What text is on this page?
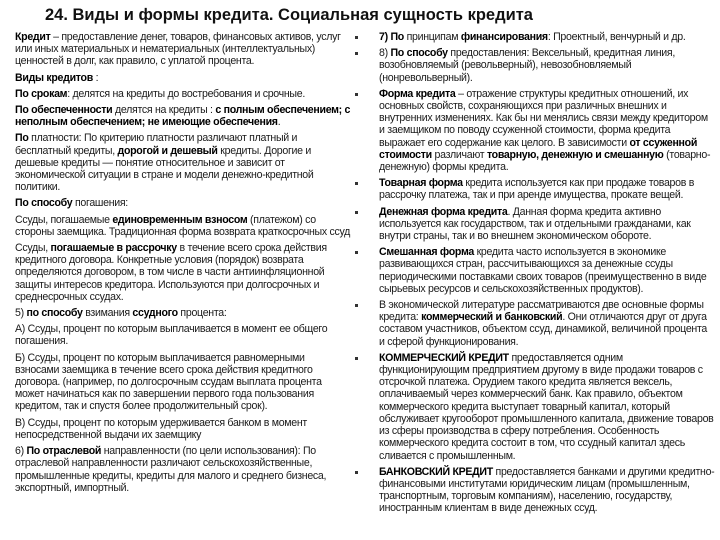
24. Виды и формы кредита. Социальная сущность кредита
Кредит – предоставление денег, товаров, финансовых активов, услуг или иных материальных и нематериальных (интеллектуальных) ценностей в долг, как правило, с уплатой процента.
Виды кредитов :
По срокам: делятся на кредиты до востребования и срочные.
По обеспеченности делятся на кредиты : с полным обеспечением; с неполным обеспечением; не имеющие обеспечения.
По платности: По критерию платности различают платный и бесплатный кредиты, дорогой и дешевый кредиты. Дорогие и дешевые кредиты — понятие относительное и зависит от экономической ситуации в стране и модели денежно-кредитной политики.
По способу погашения:
Ссуды, погашаемые единовременным взносом (платежом) со стороны заемщика. Традиционная форма возврата краткосрочных ссуд
Ссуды, погашаемые в рассрочку в течение всего срока действия кредитного договора. Конкретные условия (порядок) возврата определяются договором, в том числе в части антиинфляционной защиты интересов кредитора. Используются при долгосрочных и среднесрочных ссудах.
5) по способу взимания ссудного процента:
А) Ссуды, процент по которым выплачивается в момент ее общего погашения.
Б) Ссуды, процент по которым выплачивается равномерными взносами заемщика в течение всего срока действия кредитного договора. (например, по долгосрочным ссудам выплата процента может начинаться как по завершении первого года пользования кредитом, так и спустя более продолжительный срок).
В) Ссуды, процент по которым удерживается банком в момент непосредственной выдачи их заемщику
6) По отраслевой направленности (по цели использования): По отраслевой направленности различают сельскохозяйственные, промышленные кредиты, кредиты для малого и среднего бизнеса, экспортный, импортный.
7) По принципам финансирования: Проектный, венчурный и др.
8) По способу предоставления: Вексельный, кредитная линия, возобновляемый (револьверный), невозобновляемый (нонревольверный).
Форма кредита – отражение структуры кредитных отношений, их основных свойств, сохраняющихся при различных внешних и внутренних изменениях. Как бы ни менялись связи между кредитором и заемщиком по поводу ссуженной стоимости, форма кредита выражает его содержание как целого. В зависимости от ссуженной стоимости различают товарную, денежную и смешанную (товарно-денежную) формы кредита.
Товарная форма кредита используется как при продаже товаров в рассрочку платежа, так и при аренде имущества, прокате вещей.
Денежная форма кредита. Данная форма кредита активно используется как государством, так и отдельными гражданами, как внутри страны, так и во внешнем экономическом обороте.
Смешанная форма кредита часто используется в экономике развивающихся стран, рассчитывающихся за денежные ссуды периодическими поставками своих товаров (преимущественно в виде сырьевых ресурсов и сельскохозяйственных продуктов).
В экономической литературе рассматриваются две основные формы кредита: коммерческий и банковский. Они отличаются друг от друга составом участников, объектом ссуд, динамикой, величиной процента и сферой функционирования.
КОММЕРЧЕСКИЙ КРЕДИТ предоставляется одним функционирующим предприятием другому в виде продажи товаров с отсрочкой платежа. Орудием такого кредита является вексель, оплачиваемый через коммерческий банк. Как правило, объектом коммерческого кредита выступает товарный капитал, который обслуживает кругооборот промышленного капитала, движение товаров из сферы производства в сферу потребления. Особенность коммерческого кредита состоит в том, что ссудный капитал здесь сливается с промышленным.
БАНКОВСКИЙ КРЕДИТ предоставляется банками и другими кредитно-финансовыми институтами юридическим лицам (промышленным, транспортным, торговым компаниям), населению, государству, иностранным клиентам в виде денежных ссуд.
